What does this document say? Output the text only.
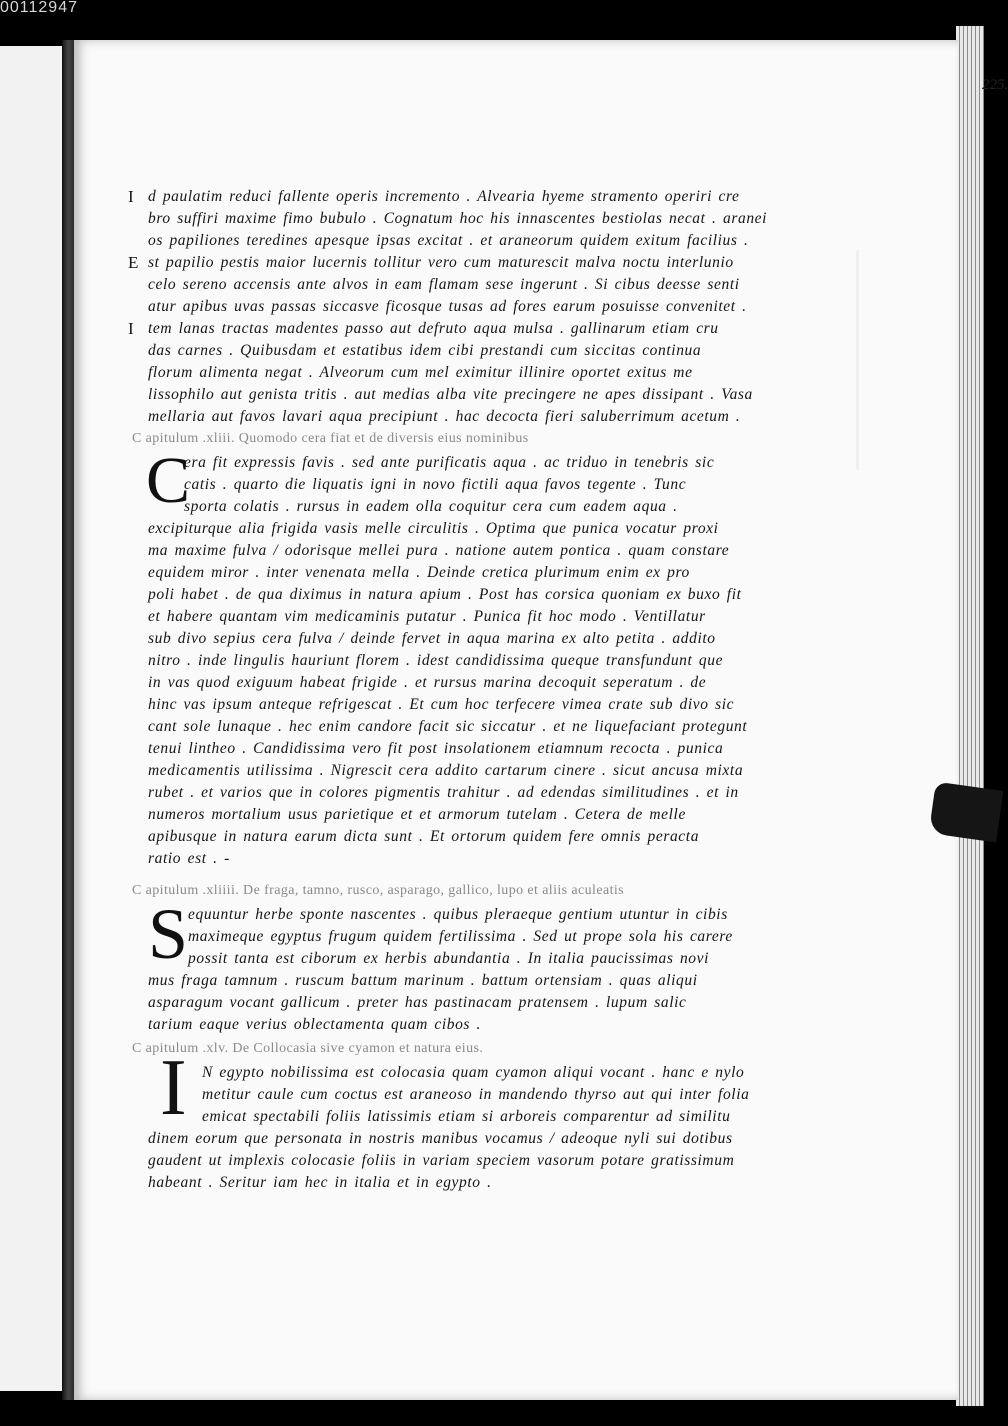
00112947
225.
I
E
I
d paulatim reduci fallente operis incremento . Alvearia hyeme stramento operiri cre
bro suffiri maxime fimo bubulo . Cognatum hoc his innascentes bestiolas necat . aranei
os papiliones teredines apesque ipsas excitat . et araneorum quidem exitum facilius .
st papilio pestis maior lucernis tollitur vero cum maturescit malva noctu interlunio
celo sereno accensis ante alvos in eam flamam sese ingerunt . Si cibus deesse senti
atur apibus uvas passas siccasve ficosque tusas ad fores earum posuisse convenitet .
tem lanas tractas madentes passo aut defruto aqua mulsa . gallinarum etiam cru
das carnes . Quibusdam et estatibus idem cibi prestandi cum siccitas continua
florum alimenta negat . Alveorum cum mel eximitur illinire oportet exitus me
lissophilo aut genista tritis . aut medias alba vite precingere ne apes dissipant . Vasa
mellaria aut favos lavari aqua precipiunt . hac decocta fieri saluberrimum acetum .
C apitulum .xliii. Quomodo cera fiat et de diversis eius nominibus
C
era fit expressis favis . sed ante purificatis aqua . ac triduo in tenebris sic
catis . quarto die liquatis igni in novo fictili aqua favos tegente . Tunc
sporta colatis . rursus in eadem olla coquitur cera cum eadem aqua .
excipiturque alia frigida vasis melle circulitis . Optima que punica vocatur proxi
ma maxime fulva / odorisque mellei pura . natione autem pontica . quam constare
equidem miror . inter venenata mella . Deinde cretica plurimum enim ex pro
poli habet . de qua diximus in natura apium . Post has corsica quoniam ex buxo fit
et habere quantam vim medicaminis putatur . Punica fit hoc modo . Ventillatur
sub divo sepius cera fulva / deinde fervet in aqua marina ex alto petita . addito
nitro . inde lingulis hauriunt florem . idest candidissima queque transfundunt que
in vas quod exiguum habeat frigide . et rursus marina decoquit seperatum . de
hinc vas ipsum anteque refrigescat . Et cum hoc terfecere vimea crate sub divo sic
cant sole lunaque . hec enim candore facit sic siccatur . et ne liquefaciant protegunt
tenui lintheo . Candidissima vero fit post insolationem etiamnum recocta . punica
medicamentis utilissima . Nigrescit cera addito cartarum cinere . sicut ancusa mixta
rubet . et varios que in colores pigmentis trahitur . ad edendas similitudines . et in
numeros mortalium usus parietique et et armorum tutelam . Cetera de melle
apibusque in natura earum dicta sunt . Et ortorum quidem fere omnis peracta
ratio est . -
C apitulum .xliiii. De fraga, tamno, rusco, asparago, gallico, lupo et aliis aculeatis
S equuntur herbe sponte nascentes . quibus pleraeque gentium utuntur in cibis
maximeque egyptus frugum quidem fertilissima . Sed ut prope sola his carere
possit tanta est ciborum ex herbis abundantia . In italia paucissimas novi
mus fraga tamnum . ruscum battum marinum . battum ortensiam . quas aliqui
asparagum vocant gallicum . preter has pastinacam pratensem . lupum salic
tarium eaque verius oblectamenta quam cibos .
C apitulum .xlv. De Collocasia sive cyamon et natura eius.
I N egypto nobilissima est colocasia quam cyamon aliqui vocant . hanc e nylo
metitur caule cum coctus est araneoso in mandendo thyrso aut qui inter folia
emicat spectabili foliis latissimis etiam si arboreis comparentur ad similitu
dinem eorum que personata in nostris manibus vocamus / adeoque nyli sui dotibus
gaudent ut implexis colocasie foliis in variam speciem vasorum potare gratissimum
habeant . Seritur iam hec in italia et in egypto .
